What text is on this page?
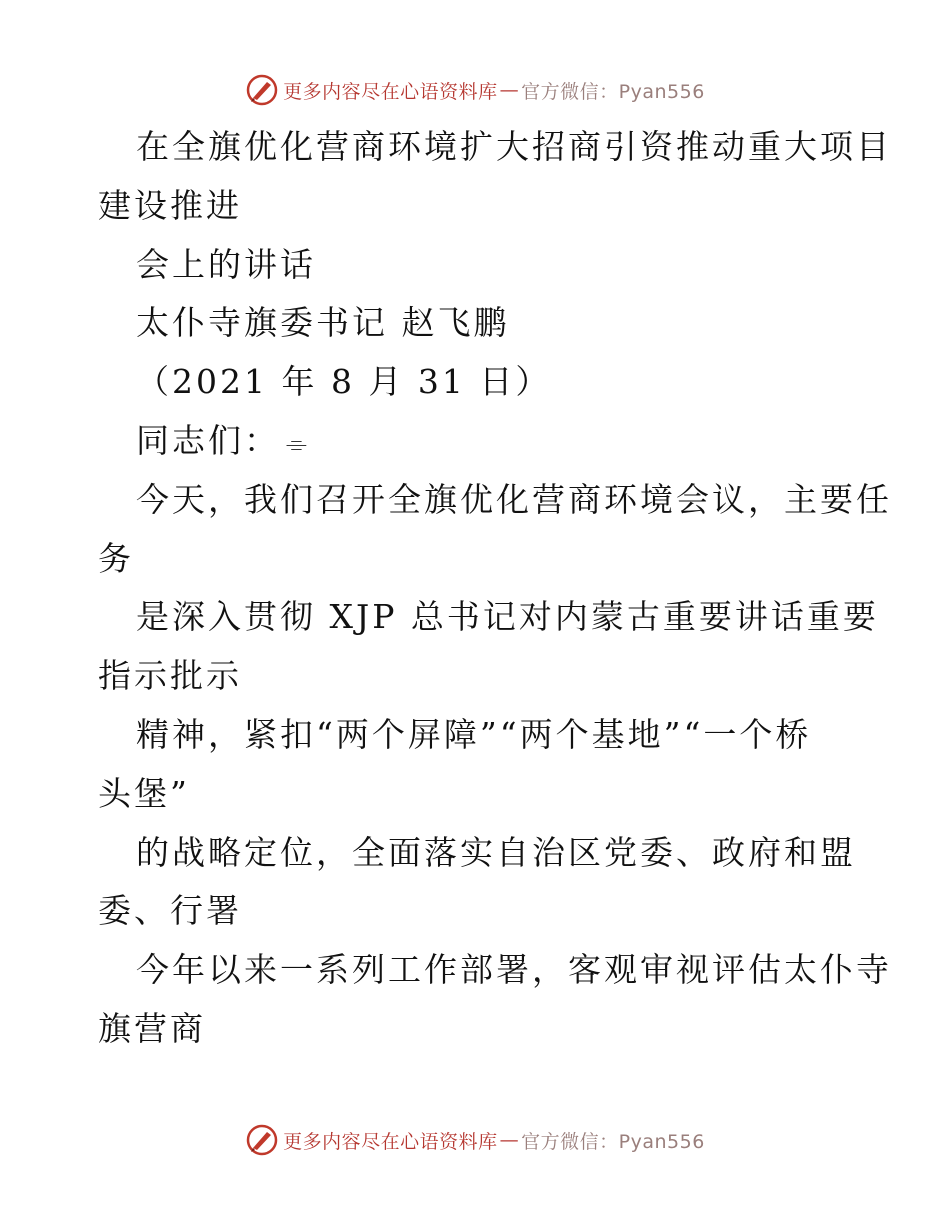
更多内容尽在心语资料库 — 官方微信：Pyan556
在全旗优化营商环境扩大招商引资推动重大项目
建设推进
会上的讲话
太仆寺旗委书记 赵飞鹏
（2021 年 8 月 31 日）
同志们： ⌯
今天，我们召开全旗优化营商环境会议，主要任
务
是深入贯彻 XJP 总书记对内蒙古重要讲话重要
指示批示
精神，紧扣“两个屏障”“两个基地”“一个桥
头堡”
的战略定位，全面落实自治区党委、政府和盟
委、行署
今年以来一系列工作部署，客观审视评估太仆寺
旗营商
更多内容尽在心语资料库 — 官方微信：Pyan556
